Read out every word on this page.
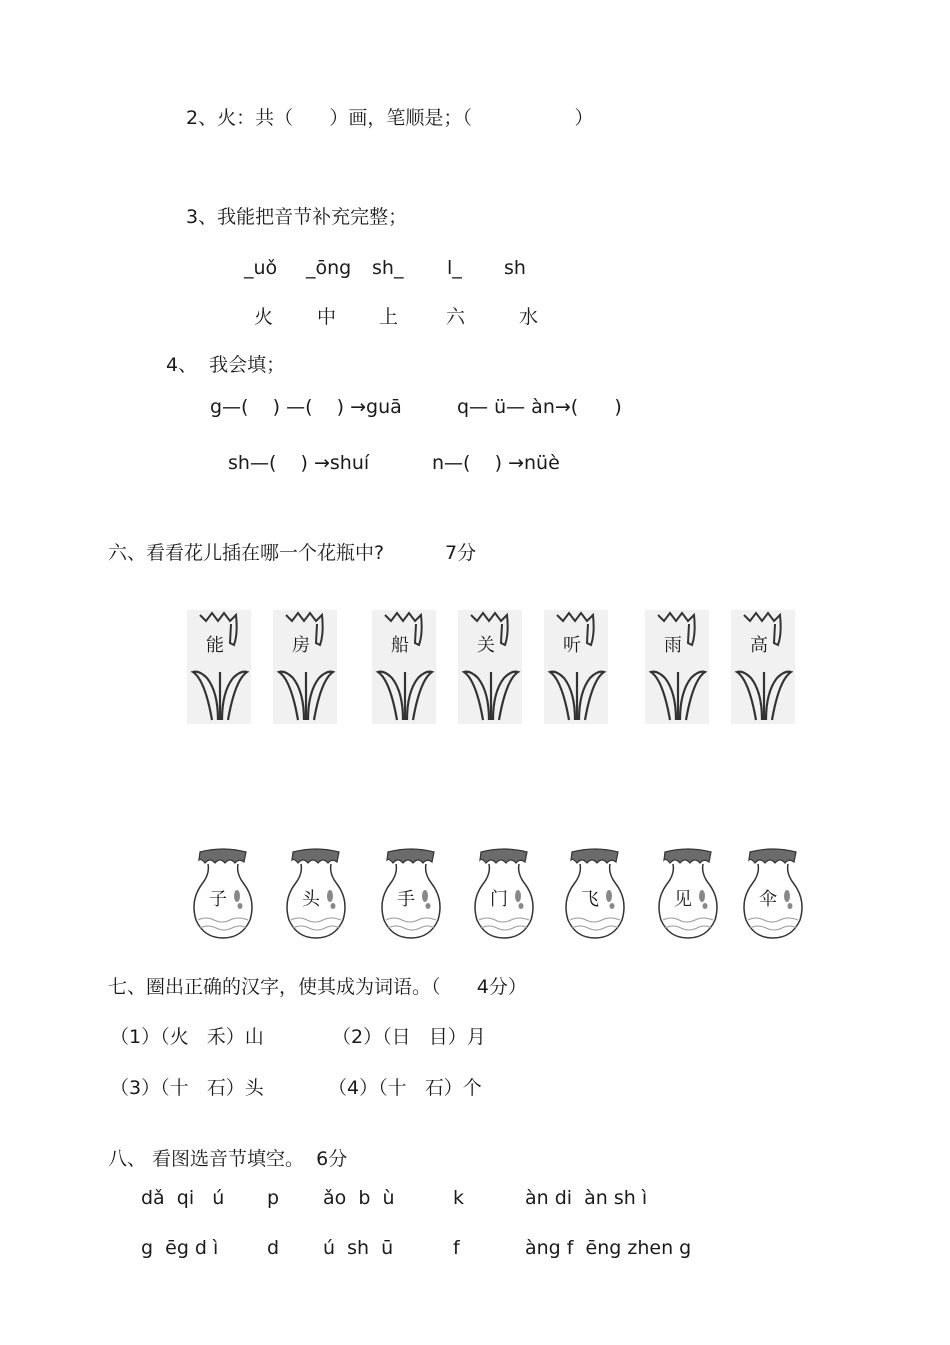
2、火：共（      ）画，笔顺是；（                 ）
3、我能把音节补充完整；
_uǒ _ōng sh_ l_ sh
火 中 上	六	水
4、  我会填；
g—(    ) —(    ) →guā	q— ü— àn→(      )
sh—(    ) →shuí	n—(    ) →nüè
六、看看花儿插在哪一个花瓶中?	7分
能	房	船	关	听	雨	高
子	头	手	门	飞	见	伞
七、圈出正确的汉字，使其成为词语。（      4分）
（1）（火   禾）山	（2）（日   目）月
（3）（十   石）头	（4）（十   石）个
八、 看图选音节填空。  6分
dǎ  qi   ú p ǎo  b  ù	k	àn di  àn sh ì
g  ēg d ì	d ú  sh  ū	f	àng f  ēng zhen g
